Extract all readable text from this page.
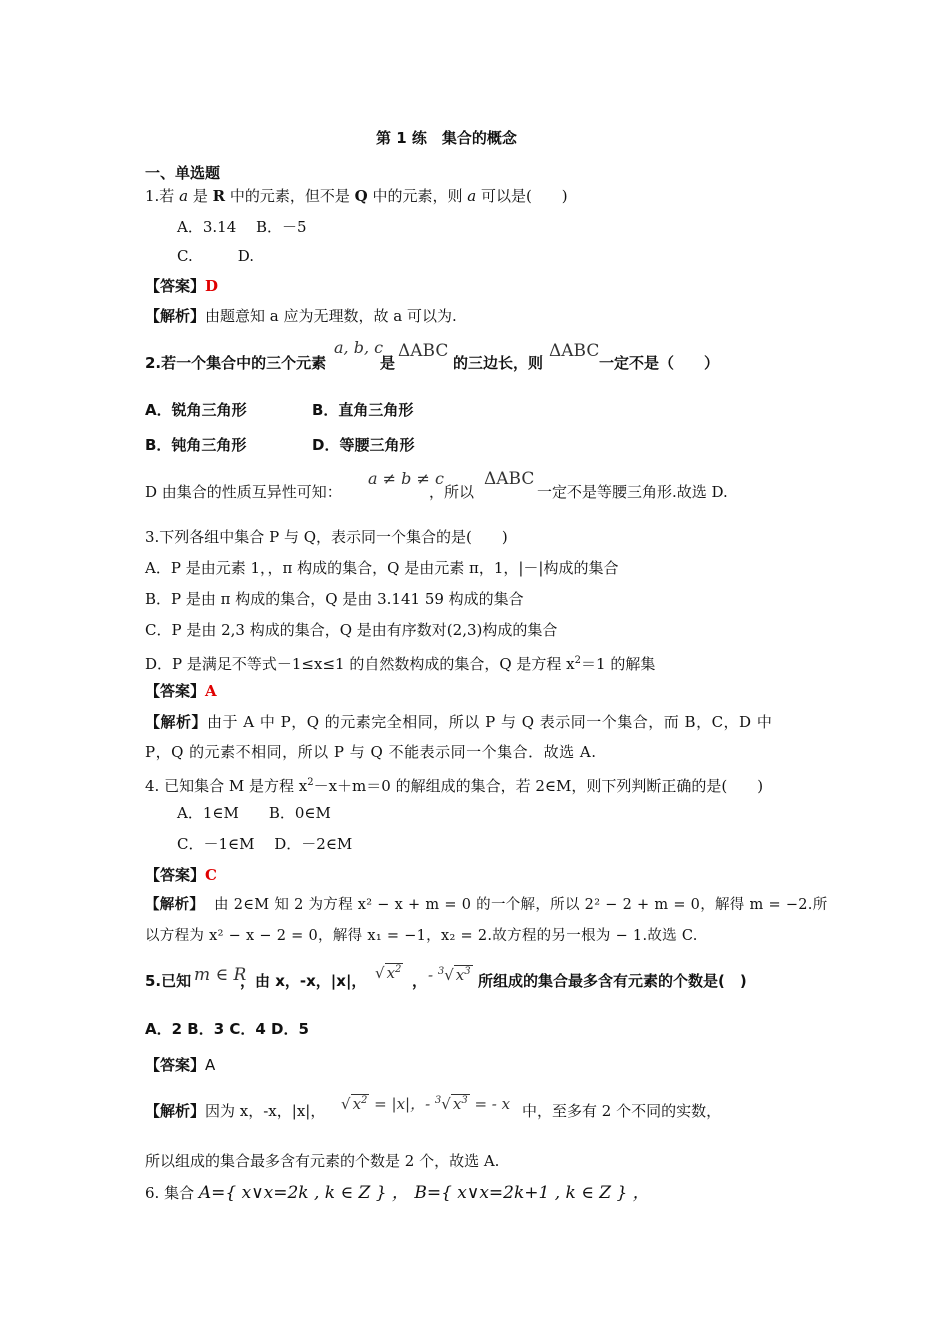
第 1 练　集合的概念
一、单选题
1.若 a 是 R 中的元素，但不是 Q 中的元素，则 a 可以是(　　)
A．3.14　 B．－5
C.　　　D.
【答案】D
【解析】由题意知 a 应为无理数，故 a 可以为.
2.若一个集合中的三个元素
a, b, c
是
ΔABC
的三边长，则
ΔABC
一定不是（　　）
A．锐角三角形	B．直角三角形
B．钝角三角形	D．等腰三角形
D 由集合的性质互异性可知：
a ≠ b ≠ c
，所以
ΔABC
一定不是等腰三角形.故选 D.
3.下列各组中集合 P 与 Q，表示同一个集合的是(　　)
A．P 是由元素 1，，π 构成的集合，Q 是由元素 π，1，|－|构成的集合
B．P 是由 π 构成的集合，Q 是由 3.141 59 构成的集合
C．P 是由 2,3 构成的集合，Q 是由有序数对(2,3)构成的集合
D．P 是满足不等式－1≤x≤1 的自然数构成的集合，Q 是方程 $x^2=1$ 的解集
【答案】A
【解析】由于 A 中 P，Q 的元素完全相同，所以 P 与 Q 表示同一个集合，而 B，C，D 中
P，Q 的元素不相同，所以 P 与 Q 不能表示同一个集合．故选 A.
4. 已知集合 M 是方程 $x^2-x+m=0$ 的解组成的集合，若 2∈M，则下列判断正确的是(　　)
A．1∈M　　B．0∈M
C．－1∈M　 D．－2∈M
【答案】C
【解析】 由 2∈M 知 2 为方程 x² − x + m = 0 的一个解，所以 2² − 2 + m = 0，解得 m = −2.所
以方程为 x² − x − 2 = 0，解得 x₁ = −1，x₂ = 2.故方程的另一根为 − 1.故选 C.
5.已知 m ∈ R
，由 x，-x，|x|， √ $x^2$
， - $^3$√ $x^3$
所组成的集合最多含有元素的个数是(　)
A．2 B．3 C．4 D．5
【答案】A
【解析】因为 x，-x，|x|， √ $x^2 = |x|$，- $^3$√ $x^3$ = - x 中，至多有 2 个不同的实数，
所以组成的集合最多含有元素的个数是 2 个，故选 A.
6. 集合 A={ x∨x=2k , k ∈ Z } ， B={ x∨x=2k+1 , k ∈ Z } ，
